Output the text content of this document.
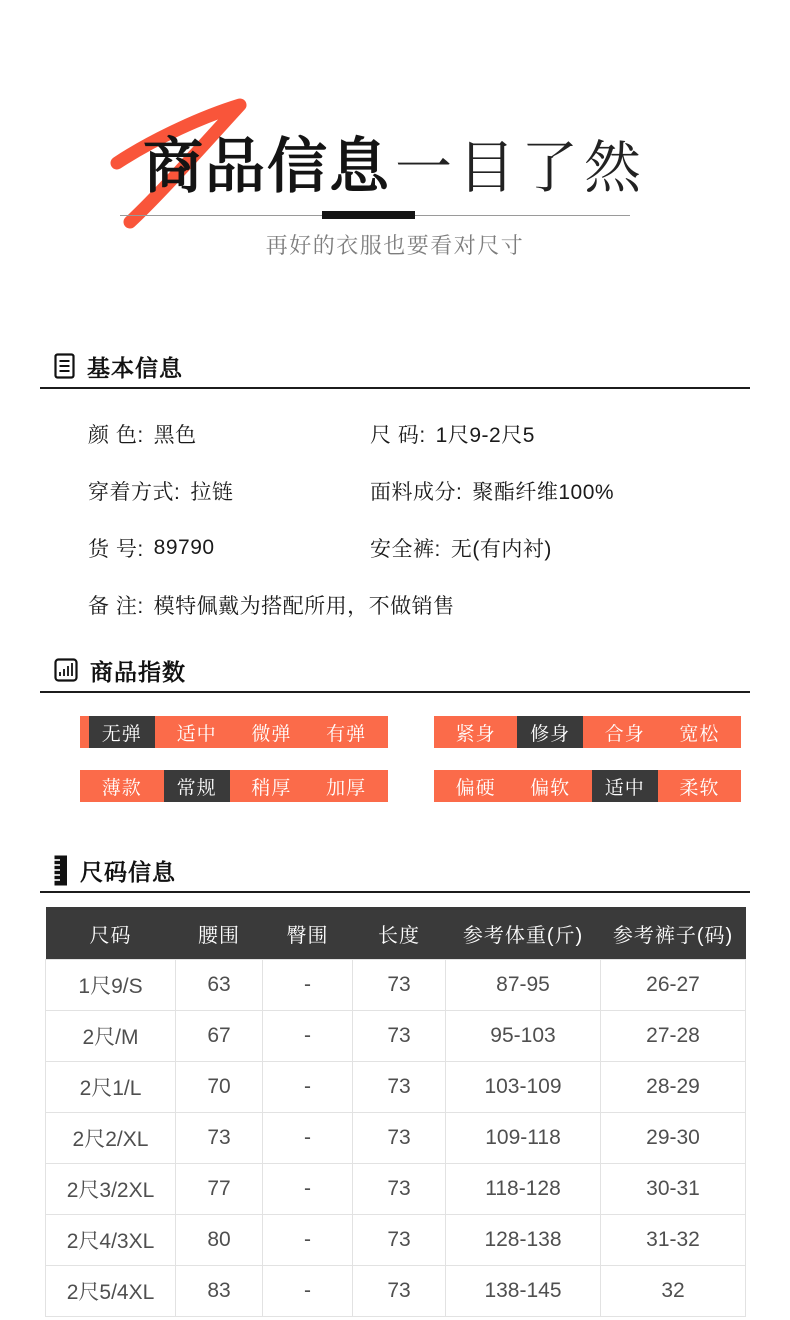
商品信息一目了然
再好的衣服也要看对尺寸
基本信息
颜 色: 黑色	尺 码: 1尺9-2尺5
穿着方式: 拉链	面料成分: 聚酯纤维100%
货 号: 89790	安全裤: 无(有内衬)
备 注: 模特佩戴为搭配所用，不做销售
商品指数
无弹	适中	微弹	有弹	紧身	修身	合身	宽松
薄款	常规	稍厚	加厚	偏硬	偏软	适中	柔软
尺码信息
尺码	腰围	臀围	长度	参考体重(斤)	参考裤子(码)
1尺9/S	63	-	73	87-95	26-27
2尺/M	67	-	73	95-103	27-28
2尺1/L	70	-	73	103-109	28-29
2尺2/XL	73	-	73	109-118	29-30
2尺3/2XL	77	-	73	118-128	30-31
2尺4/3XL	80	-	73	128-138	31-32
2尺5/4XL	83	-	73	138-145	32
